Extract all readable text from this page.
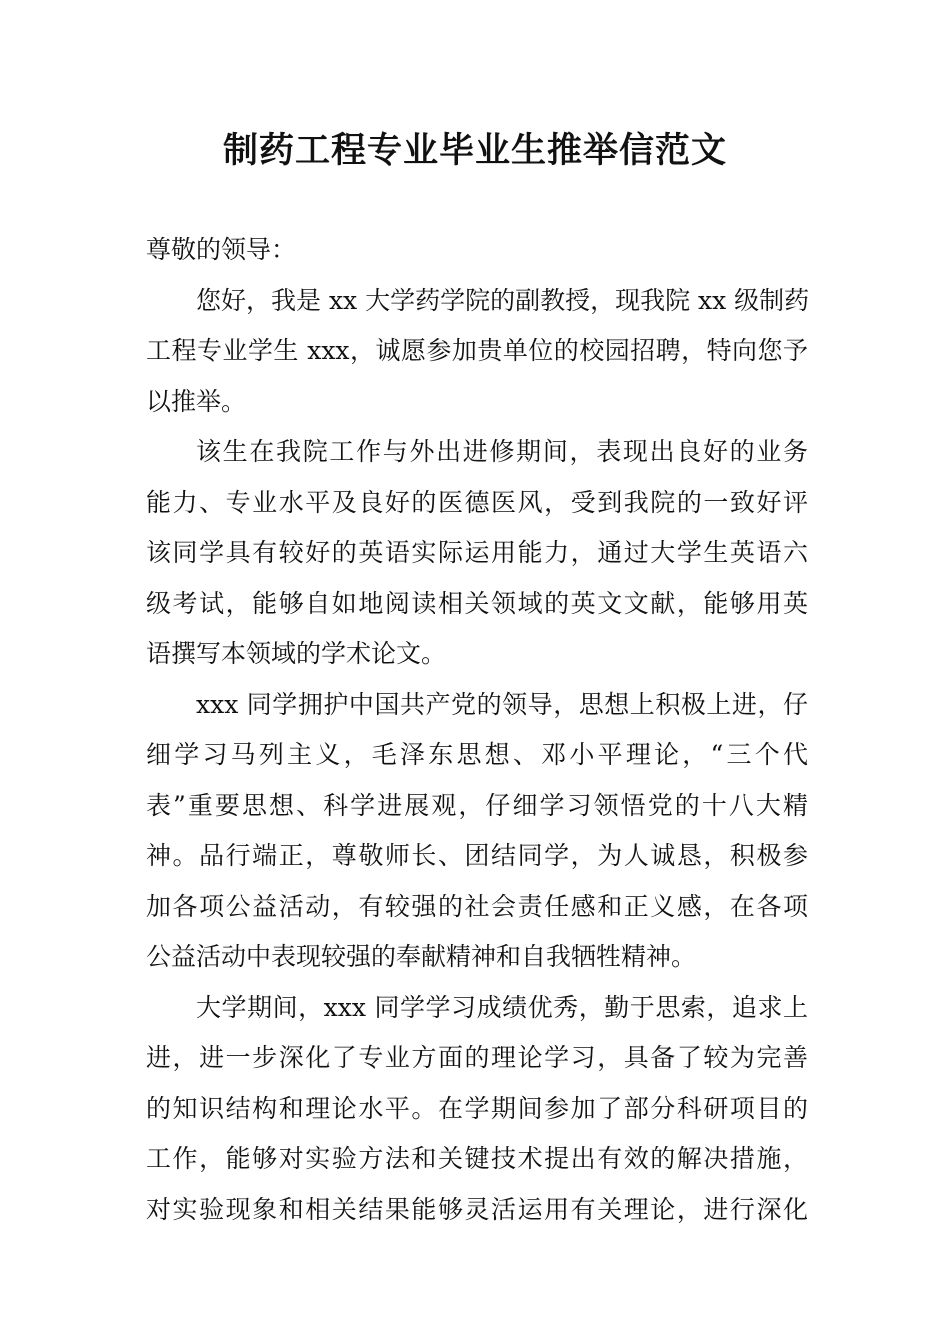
制药工程专业毕业生推举信范文

尊敬的领导：

您好，我是 xx 大学药学院的副教授，现我院 xx 级制药
工程专业学生 xxx，诚愿参加贵单位的校园招聘，特向您予
以推举。

该生在我院工作与外出进修期间，表现出良好的业务
能力、专业水平及良好的医德医风，受到我院的一致好评
该同学具有较好的英语实际运用能力，通过大学生英语六
级考试，能够自如地阅读相关领域的英文文献，能够用英
语撰写本领域的学术论文。

xxx 同学拥护中国共产党的领导，思想上积极上进，仔
细学习马列主义，毛泽东思想、邓小平理论，“三个代
表”重要思想、科学进展观，仔细学习领悟党的十八大精
神。品行端正，尊敬师长、团结同学，为人诚恳，积极参
加各项公益活动，有较强的社会责任感和正义感，在各项
公益活动中表现较强的奉献精神和自我牺牲精神。

大学期间，xxx 同学学习成绩优秀，勤于思索，追求上
进，进一步深化了专业方面的理论学习，具备了较为完善
的知识结构和理论水平。在学期间参加了部分科研项目的
工作，能够对实验方法和关键技术提出有效的解决措施，
对实验现象和相关结果能够灵活运用有关理论，进行深化
